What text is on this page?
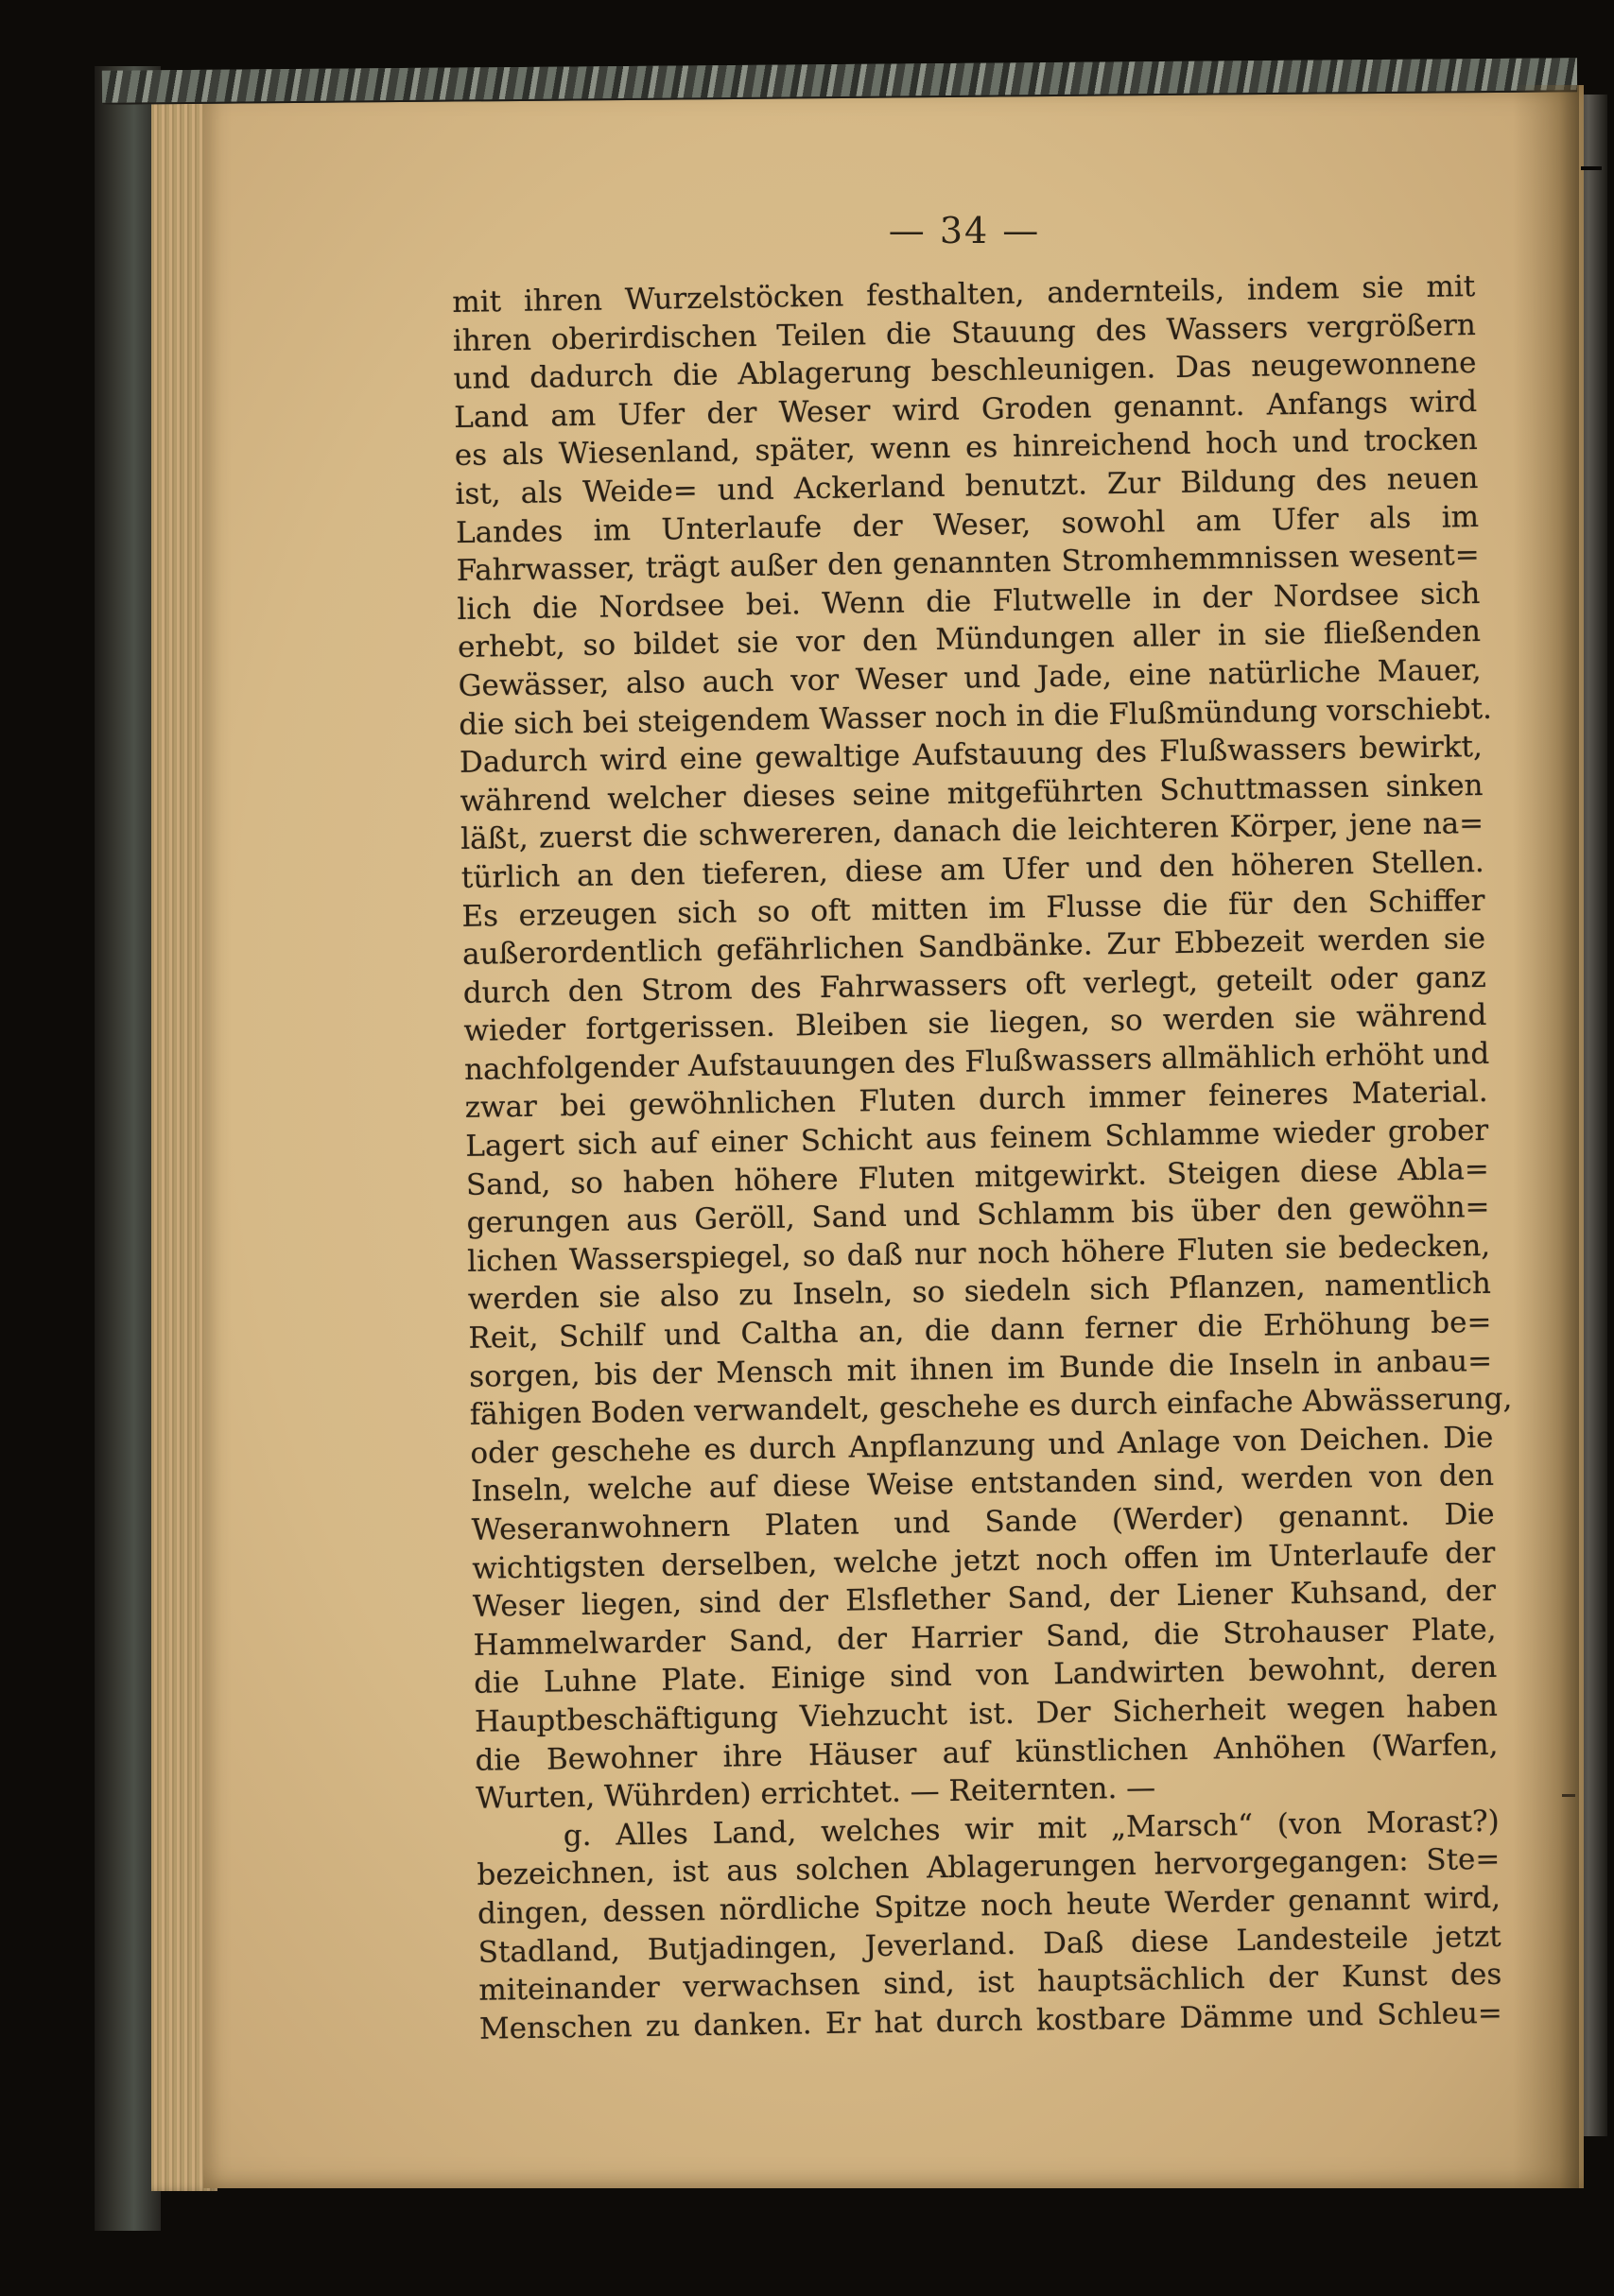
— 34 —
mit ihren Wurzelstöcken festhalten, andernteils, indem sie mit
ihren oberirdischen Teilen die Stauung des Wassers vergrößern
und dadurch die Ablagerung beschleunigen. Das neugewonnene
Land am Ufer der Weser wird Groden genannt. Anfangs wird
es als Wiesenland, später, wenn es hinreichend hoch und trocken
ist, als Weide= und Ackerland benutzt. Zur Bildung des neuen
Landes im Unterlaufe der Weser, sowohl am Ufer als im
Fahrwasser, trägt außer den genannten Stromhemmnissen wesent=
lich die Nordsee bei. Wenn die Flutwelle in der Nordsee sich
erhebt, so bildet sie vor den Mündungen aller in sie fließenden
Gewässer, also auch vor Weser und Jade, eine natürliche Mauer,
die sich bei steigendem Wasser noch in die Flußmündung vorschiebt.
Dadurch wird eine gewaltige Aufstauung des Flußwassers bewirkt,
während welcher dieses seine mitgeführten Schuttmassen sinken
läßt, zuerst die schwereren, danach die leichteren Körper, jene na=
türlich an den tieferen, diese am Ufer und den höheren Stellen.
Es erzeugen sich so oft mitten im Flusse die für den Schiffer
außerordentlich gefährlichen Sandbänke. Zur Ebbezeit werden sie
durch den Strom des Fahrwassers oft verlegt, geteilt oder ganz
wieder fortgerissen. Bleiben sie liegen, so werden sie während
nachfolgender Aufstauungen des Flußwassers allmählich erhöht und
zwar bei gewöhnlichen Fluten durch immer feineres Material.
Lagert sich auf einer Schicht aus feinem Schlamme wieder grober
Sand, so haben höhere Fluten mitgewirkt. Steigen diese Abla=
gerungen aus Geröll, Sand und Schlamm bis über den gewöhn=
lichen Wasserspiegel, so daß nur noch höhere Fluten sie bedecken,
werden sie also zu Inseln, so siedeln sich Pflanzen, namentlich
Reit, Schilf und Caltha an, die dann ferner die Erhöhung be=
sorgen, bis der Mensch mit ihnen im Bunde die Inseln in anbau=
fähigen Boden verwandelt, geschehe es durch einfache Abwässerung,
oder geschehe es durch Anpflanzung und Anlage von Deichen. Die
Inseln, welche auf diese Weise entstanden sind, werden von den
Weseranwohnern Platen und Sande (Werder) genannt. Die
wichtigsten derselben, welche jetzt noch offen im Unterlaufe der
Weser liegen, sind der Elsflether Sand, der Liener Kuhsand, der
Hammelwarder Sand, der Harrier Sand, die Strohauser Plate,
die Luhne Plate. Einige sind von Landwirten bewohnt, deren
Hauptbeschäftigung Viehzucht ist. Der Sicherheit wegen haben
die Bewohner ihre Häuser auf künstlichen Anhöhen (Warfen,
Wurten, Wührden) errichtet. — Reiternten. —
g. Alles Land, welches wir mit „Marsch“ (von Morast?)
bezeichnen, ist aus solchen Ablagerungen hervorgegangen: Ste=
dingen, dessen nördliche Spitze noch heute Werder genannt wird,
Stadland, Butjadingen, Jeverland. Daß diese Landesteile jetzt
miteinander verwachsen sind, ist hauptsächlich der Kunst des
Menschen zu danken. Er hat durch kostbare Dämme und Schleu=
